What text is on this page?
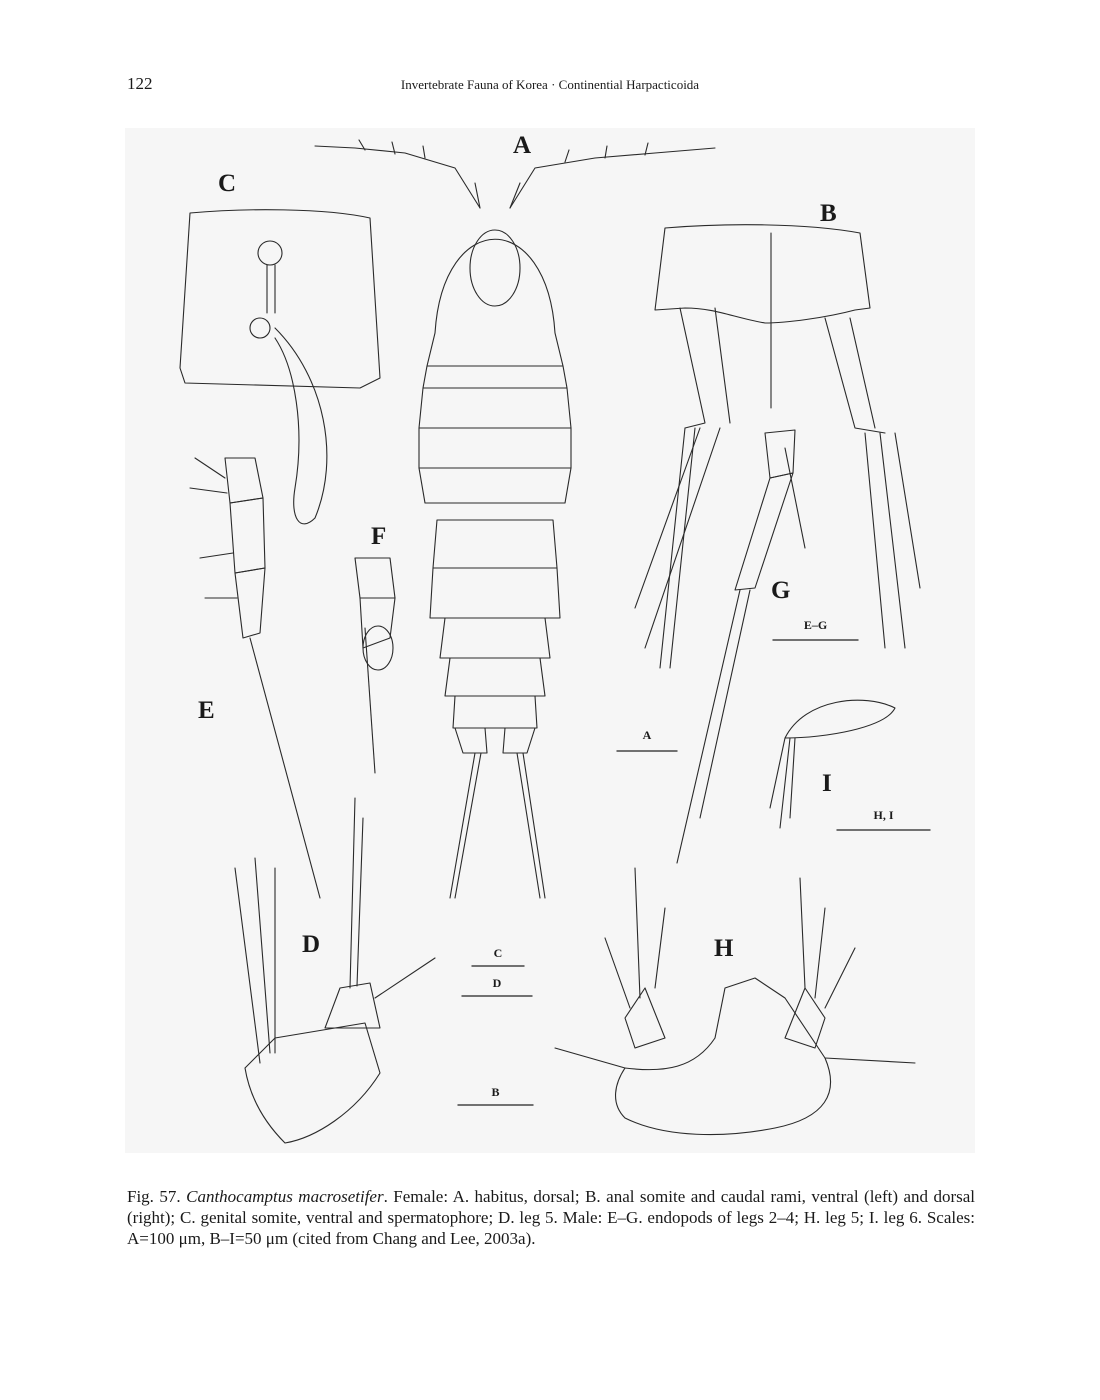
122	Invertebrate Fauna of Korea · Continential Harpacticoida
A
B
C
D
E
F
G
H
I
A
E–G
H, I
C
D
B
Fig. 57. Canthocamptus macrosetifer. Female: A. habitus, dorsal; B. anal somite and caudal rami, ventral (left) and dorsal (right); C. genital somite, ventral and spermatophore; D. leg 5. Male: E–G. endopods of legs 2–4; H. leg 5; I. leg 6. Scales: A=100 μm, B–I=50 μm (cited from Chang and Lee, 2003a).
